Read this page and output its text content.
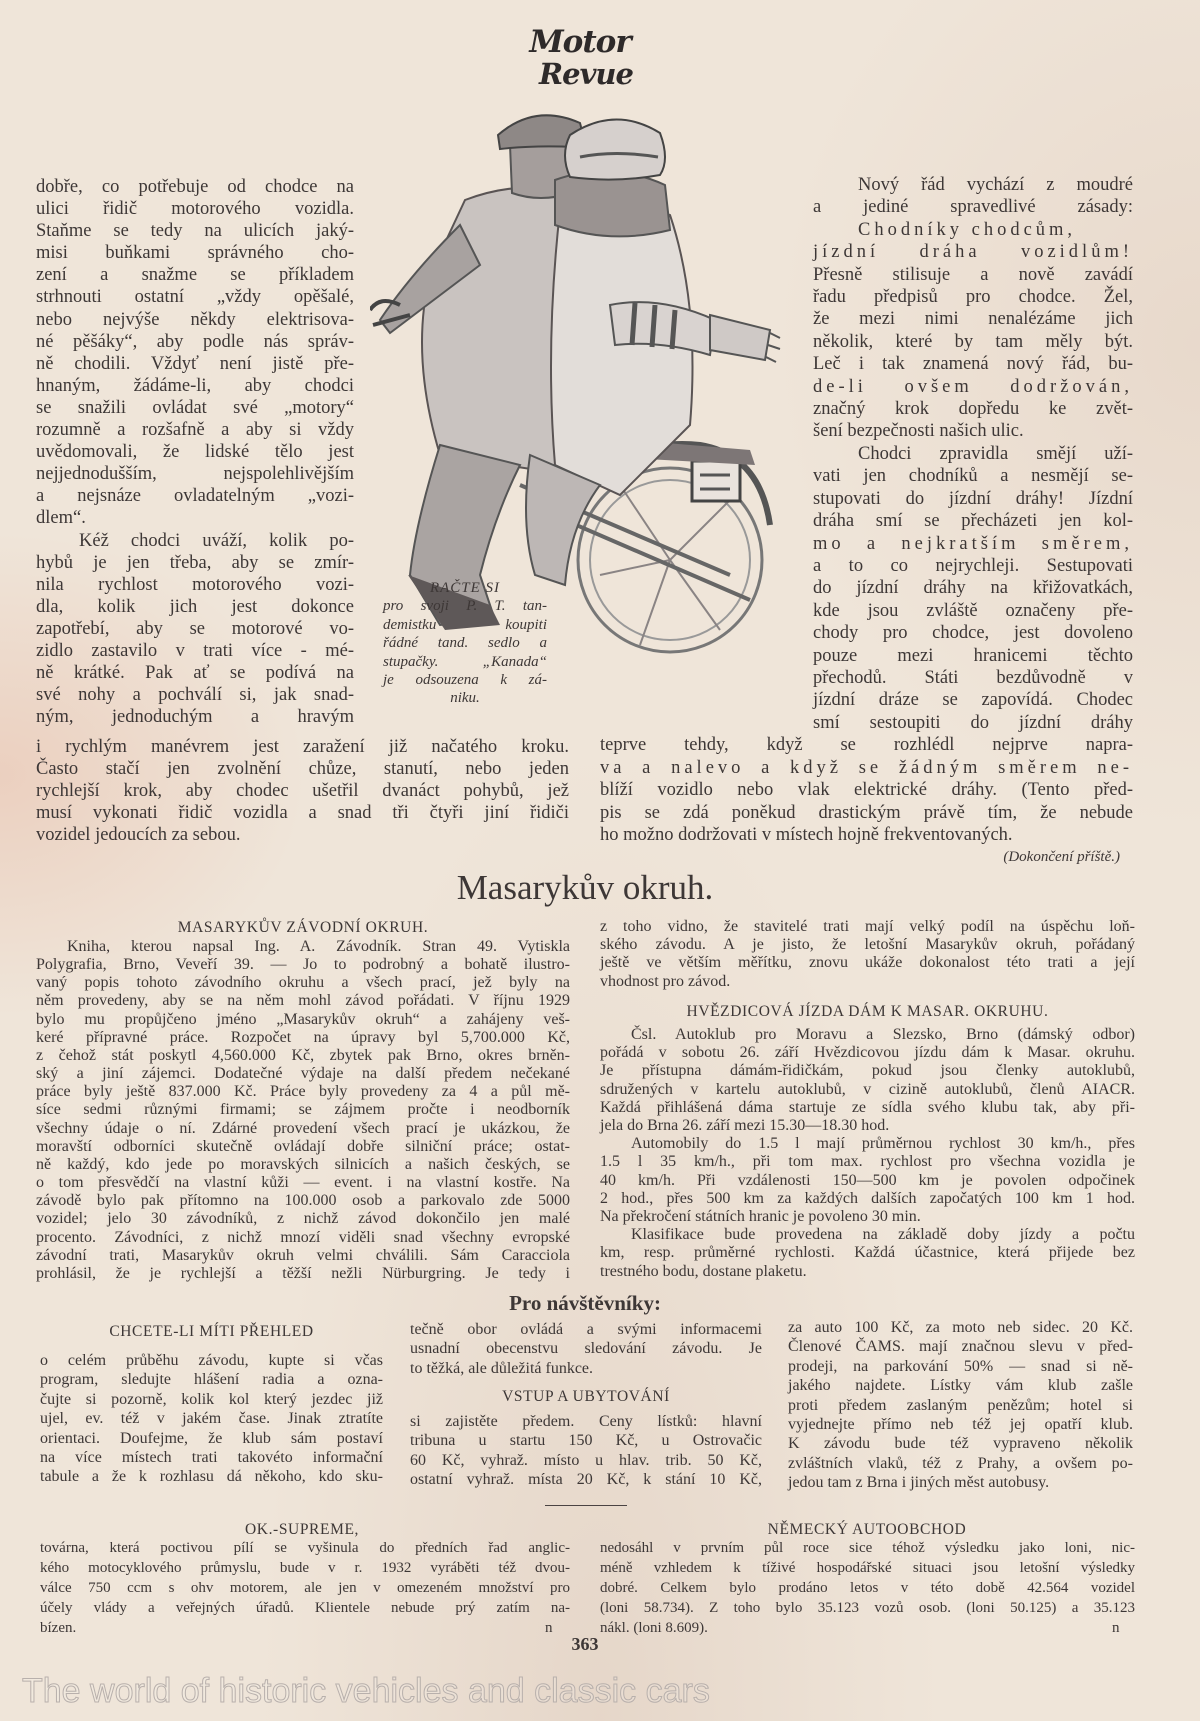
Motor
Revue
dobře, co potřebuje od chodce na
ulici řidič motorového vozidla.
Staňme se tedy na ulicích jaký-
misi buňkami správného cho-
zení a snažme se příkladem
strhnouti ostatní „vždy opěšalé,
nebo nejvýše někdy elektrisova-
né pěšáky“, aby podle nás správ-
ně chodili. Vždyť není jistě pře-
hnaným, žádáme-li, aby chodci
se snažili ovládat své „motory“
rozumně a rozšafně a aby si vždy
uvědomovali, že lidské tělo jest
nejjednodušším, nejspolehlivějším
a nejsnáze ovladatelným „vozi-
dlem“.
Kéž chodci uváží, kolik po-
hybů je jen třeba, aby se zmír-
nila rychlost motorového vozi-
dla, kolik jich jest dokonce
zapotřebí, aby se motorové vo-
zidlo zastavilo v trati více - mé-
ně krátké. Pak ať se podívá na
své nohy a pochválí si, jak snad-
ným, jednoduchým a hravým
i rychlým manévrem jest zaražení již načatého kroku.
Často stačí jen zvolnění chůze, stanutí, nebo jeden
rychlejší krok, aby chodec ušetřil dvanáct pohybů, jež
musí vykonati řidič vozidla a snad tři čtyři jiní řidiči
vozidel jedoucích za sebou.
Nový řád vychází z moudré
a jediné spravedlivé zásady:
Chodníky chodcům,
jízdní dráha vozidlům!
Přesně stilisuje a nově zavádí
řadu předpisů pro chodce. Žel,
že mezi nimi nenalézáme jich
několik, které by tam měly být.
Leč i tak znamená nový řád, bu-
de-li ovšem dodržován,
značný krok dopředu ke zvět-
šení bezpečnosti našich ulic.
Chodci zpravidla smějí uží-
vati jen chodníků a nesmějí se-
stupovati do jízdní dráhy! Jízdní
dráha smí se přecházeti jen kol-
mo a nejkratším směrem,
a to co nejrychleji. Sestupovati
do jízdní dráhy na křižovatkách,
kde jsou zvláště označeny pře-
chody pro chodce, jest dovoleno
pouze mezi hranicemi těchto
přechodů. Státi bezdůvodně v
jízdní dráze se zapovídá. Chodec
smí sestoupiti do jízdní dráhy
teprve tehdy, když se rozhlédl nejprve napra-
va a nalevo a když se žádným směrem ne-
blíží vozidlo nebo vlak elektrické dráhy. (Tento před-
pis se zdá poněkud drastickým právě tím, že nebude
ho možno dodržovati v místech hojně frekventovaných.
(Dokončení příště.)
RAČTE SI
pro svoji P. T. tan-
demistku koupiti
řádné tand. sedlo a
stupačky. „Kanada“
je odsouzena k zá-
niku.
Masarykův okruh.
MASARYKŮV ZÁVODNÍ OKRUH.
Kniha, kterou napsal Ing. A. Závodník. Stran 49. Vytiskla
Polygrafia, Brno, Veveří 39. — Jo to podrobný a bohatě ilustro-
vaný popis tohoto závodního okruhu a všech prací, jež byly na
něm provedeny, aby se na něm mohl závod pořádati. V říjnu 1929
bylo mu propůjčeno jméno „Masarykův okruh“ a zahájeny veš-
keré přípravné práce. Rozpočet na úpravy byl 5,700.000 Kč,
z čehož stát poskytl 4,560.000 Kč, zbytek pak Brno, okres brněn-
ský a jiní zájemci. Dodatečné výdaje na další předem nečekané
práce byly ještě 837.000 Kč. Práce byly provedeny za 4 a půl mě-
síce sedmi různými firmami; se zájmem pročte i neodborník
všechny údaje o ní. Zdárné provedení všech prací je ukázkou, že
moravští odborníci skutečně ovládají dobře silniční práce; ostat-
ně každý, kdo jede po moravských silnicích a našich českých, se
o tom přesvědčí na vlastní kůži — event. i na vlastní kostře. Na
závodě bylo pak přítomno na 100.000 osob a parkovalo zde 5000
vozidel; jelo 30 závodníků, z nichž závod dokončilo jen malé
procento. Závodníci, z nichž mnozí viděli snad všechny evropské
závodní trati, Masarykův okruh velmi chválili. Sám Caracciola
prohlásil, že je rychlejší a těžší nežli Nürburgring. Je tedy i
z toho vidno, že stavitelé trati mají velký podíl na úspěchu loň-
ského závodu. A je jisto, že letošní Masarykův okruh, pořádaný
ještě ve větším měřítku, znovu ukáže dokonalost této trati a její
vhodnost pro závod.
HVĚZDICOVÁ JÍZDA DÁM K MASAR. OKRUHU.
Čsl. Autoklub pro Moravu a Slezsko, Brno (dámský odbor)
pořádá v sobotu 26. září Hvězdicovou jízdu dám k Masar. okruhu.
Je přístupna dámám-řidičkám, pokud jsou členky autoklubů,
sdružených v kartelu autoklubů, v cizině autoklubů, členů AIACR.
Každá přihlášená dáma startuje ze sídla svého klubu tak, aby při-
jela do Brna 26. září mezi 15.30—18.30 hod.
Automobily do 1.5 l mají průměrnou rychlost 30 km/h., přes
1.5 l 35 km/h., při tom max. rychlost pro všechna vozidla je
40 km/h. Při vzdálenosti 150—500 km je povolen odpočinek
2 hod., přes 500 km za každých dalších započatých 100 km 1 hod.
Na překročení státních hranic je povoleno 30 min.
Klasifikace bude provedena na základě doby jízdy a počtu
km, resp. průměrné rychlosti. Každá účastnice, která přijede bez
trestného bodu, dostane plaketu.
Pro návštěvníky:
CHCETE-LI MÍTI PŘEHLED
o celém průběhu závodu, kupte si včas
program, sledujte hlášení radia a ozna-
čujte si pozorně, kolik kol který jezdec již
ujel, ev. též v jakém čase. Jinak ztratíte
orientaci. Doufejme, že klub sám postaví
na více místech trati takovéto informační
tabule a že k rozhlasu dá někoho, kdo sku-
tečně obor ovládá a svými informacemi
usnadní obecenstvu sledování závodu. Je
to těžká, ale důležitá funkce.
VSTUP A UBYTOVÁNÍ
si zajistěte předem. Ceny lístků: hlavní
tribuna u startu 150 Kč, u Ostrovačic
60 Kč, vyhraž. místo u hlav. trib. 50 Kč,
ostatní vyhraž. místa 20 Kč, k stání 10 Kč,
za auto 100 Kč, za moto neb sidec. 20 Kč.
Členové ČAMS. mají značnou slevu v před-
prodeji, na parkování 50% — snad si ně-
jakého najdete. Lístky vám klub zašle
proti předem zaslaným penězům; hotel si
vyjednejte přímo neb též jej opatří klub.
K závodu bude též vypraveno několik
zvláštních vlaků, též z Prahy, a ovšem po-
jedou tam z Brna i jiných měst autobusy.
OK.-SUPREME,
továrna, která poctivou pílí se vyšinula do předních řad anglic-
kého motocyklového průmyslu, bude v r. 1932 vyráběti též dvou-
válce 750 ccm s ohv motorem, ale jen v omezeném množství pro
účely vlády a veřejných úřadů. Klientele nebude prý zatím na-
bízen.	n
NĚMECKÝ AUTOOBCHOD
nedosáhl v prvním půl roce sice téhož výsledku jako loni, nic-
méně vzhledem k tíživé hospodářské situaci jsou letošní výsledky
dobré. Celkem bylo prodáno letos v této době 42.564 vozidel
(loni 58.734). Z toho bylo 35.123 vozů osob. (loni 50.125) a 35.123
nákl. (loni 8.609).	n
363
The world of historic vehicles and classic cars
